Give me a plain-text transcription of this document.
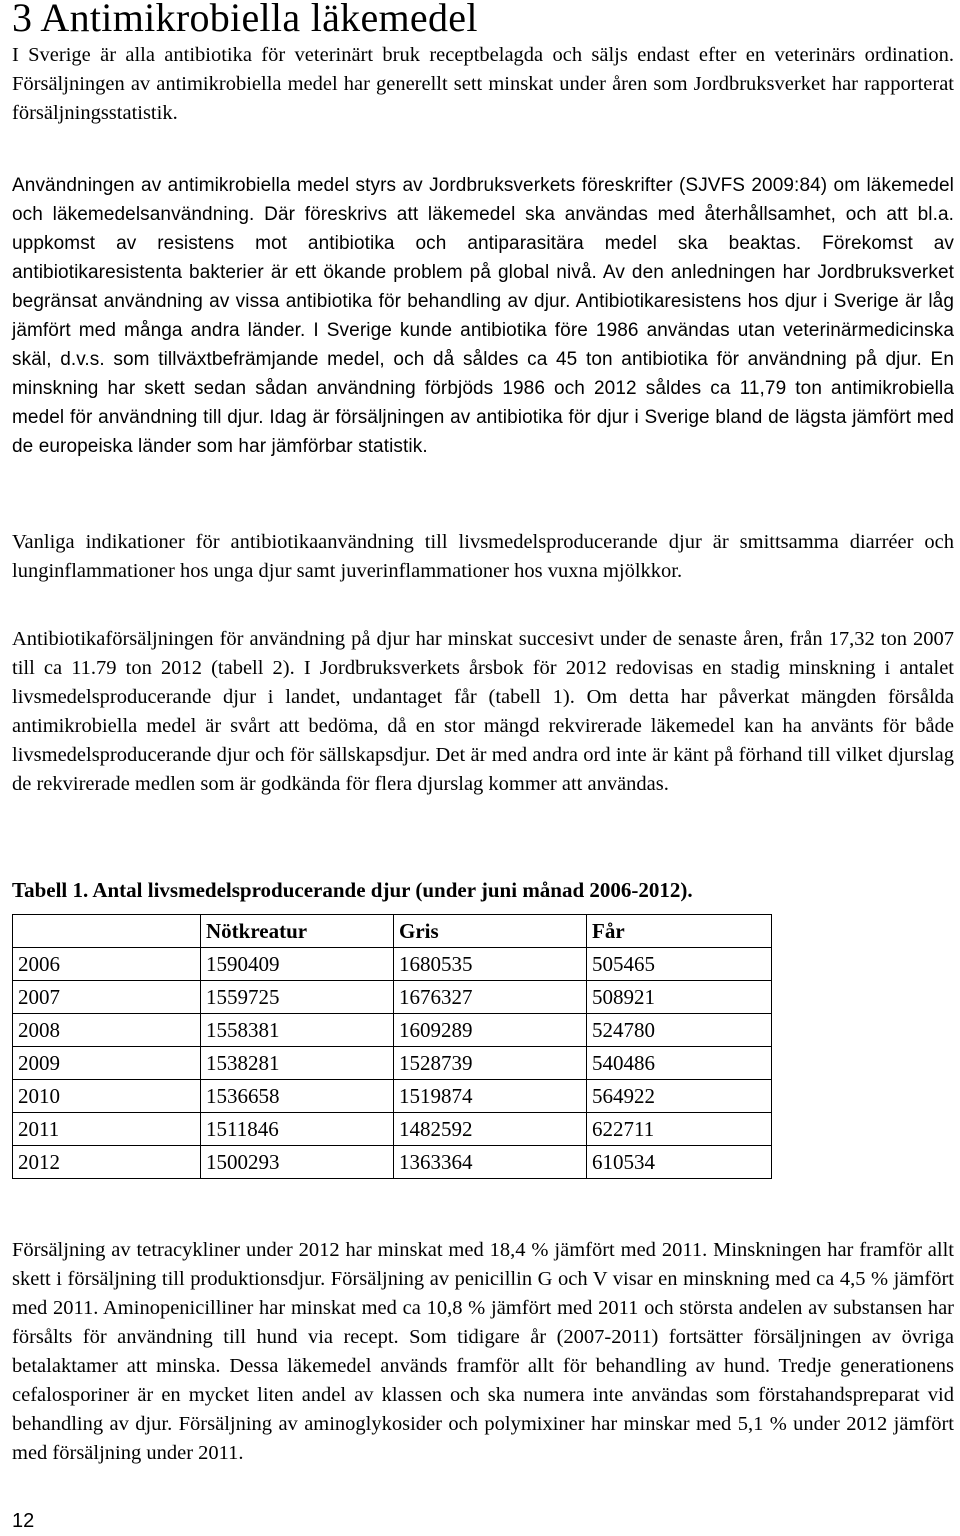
3 Antimikrobiella läkemedel

I Sverige är alla antibiotika för veterinärt bruk receptbelagda och säljs endast efter en veterinärs ordination. Försäljningen av antimikrobiella medel har generellt sett minskat under åren som Jordbruksverket har rapporterat försäljningsstatistik.

Användningen av antimikrobiella medel styrs av Jordbruksverkets föreskrifter (SJVFS 2009:84) om läkemedel och läkemedelsanvändning. Där föreskrivs att läkemedel ska användas med återhållsamhet, och att bl.a. uppkomst av resistens mot antibiotika och antiparasitära medel ska beaktas. Förekomst av antibiotikaresistenta bakterier är ett ökande problem på global nivå. Av den anledningen har Jordbruksverket begränsat användning av vissa antibiotika för behandling av djur. Antibiotikaresistens hos djur i Sverige är låg jämfört med många andra länder. I Sverige kunde antibiotika före 1986 användas utan veterinärmedicinska skäl, d.v.s. som tillväxtbefrämjande medel, och då såldes ca 45 ton antibiotika för användning på djur. En minskning har skett sedan sådan användning förbjöds 1986 och 2012 såldes ca 11,79 ton antimikrobiella medel för användning till djur. Idag är försäljningen av antibiotika för djur i Sverige bland de lägsta jämfört med de europeiska länder som har jämförbar statistik.

Vanliga indikationer för antibiotikaanvändning till livsmedelsproducerande djur är smittsamma diarréer och lunginflammationer hos unga djur samt juverinflammationer hos vuxna mjölkkor.

Antibiotikaförsäljningen för användning på djur har minskat succesivt under de senaste åren, från 17,32 ton 2007 till ca 11.79 ton 2012 (tabell 2). I Jordbruksverkets årsbok för 2012 redovisas en stadig minskning i antalet livsmedelsproducerande djur i landet, undantaget får (tabell 1). Om detta har påverkat mängden försålda antimikrobiella medel är svårt att bedöma, då en stor mängd rekvirerade läkemedel kan ha använts för både livsmedelsproducerande djur och för sällskapsdjur. Det är med andra ord inte är känt på förhand till vilket djurslag de rekvirerade medlen som är godkända för flera djurslag kommer att användas.

Tabell 1. Antal livsmedelsproducerande djur (under juni månad 2006-2012).
	Nötkreatur	Gris	Får
2006	1590409	1680535	505465
2007	1559725	1676327	508921
2008	1558381	1609289	524780
2009	1538281	1528739	540486
2010	1536658	1519874	564922
2011	1511846	1482592	622711
2012	1500293	1363364	610534

Försäljning av tetracykliner under 2012 har minskat med 18,4 % jämfört med 2011. Minskningen har framför allt skett i försäljning till produktionsdjur. Försäljning av penicillin G och V visar en minskning med ca 4,5 % jämfört med 2011. Aminopenicilliner har minskat med ca 10,8 % jämfört med 2011 och största andelen av substansen har försålts för användning till hund via recept. Som tidigare år (2007-2011) fortsätter försäljningen av övriga betalaktamer att minska. Dessa läkemedel används framför allt för behandling av hund. Tredje generationens cefalosporiner är en mycket liten andel av klassen och ska numera inte användas som förstahandspreparat vid behandling av djur. Försäljning av aminoglykosider och polymixiner har minskar med 5,1 % under 2012 jämfört med försäljning under 2011.

12
